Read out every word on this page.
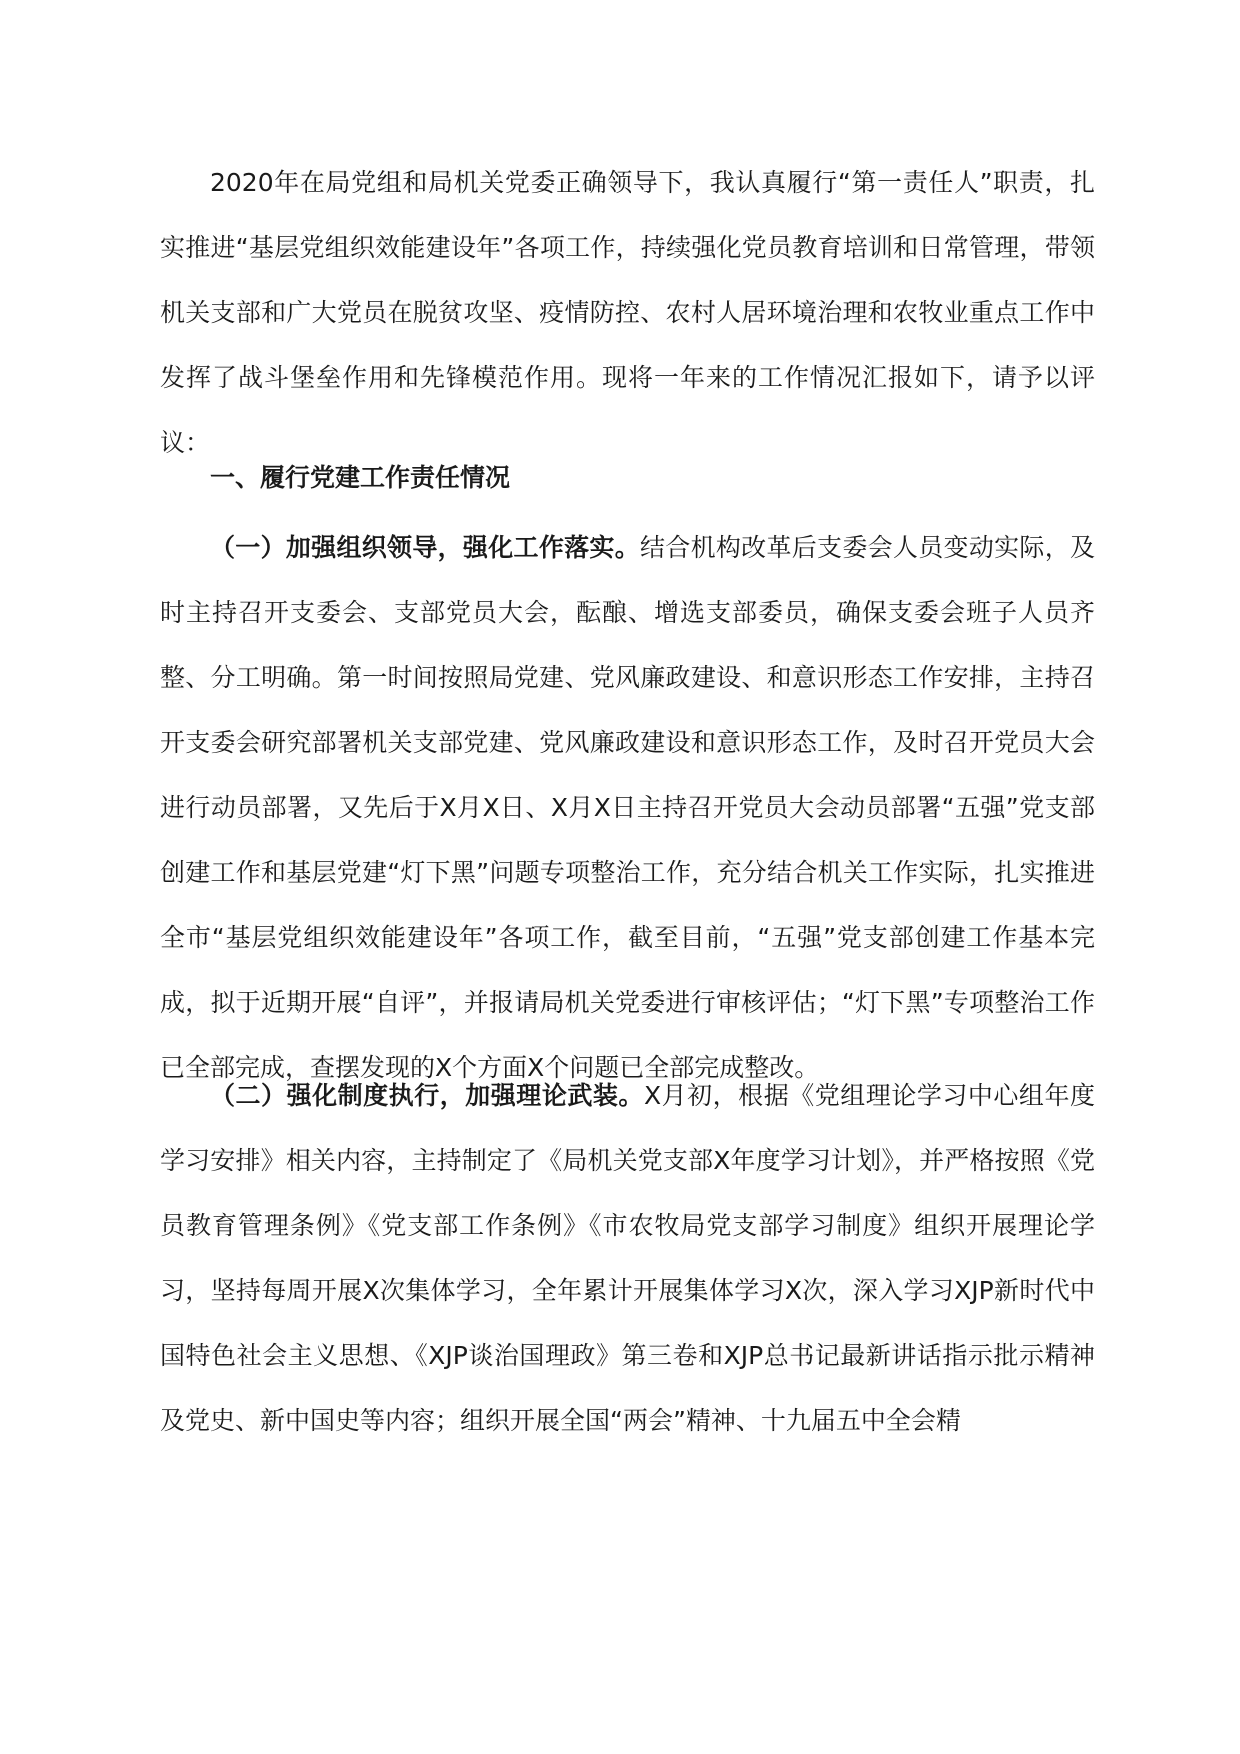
2020年在局党组和局机关党委正确领导下，我认真履行“第一责任人”职责，扎实推进“基层党组织效能建设年”各项工作，持续强化党员教育培训和日常管理，带领机关支部和广大党员在脱贫攻坚、疫情防控、农村人居环境治理和农牧业重点工作中发挥了战斗堡垒作用和先锋模范作用。现将一年来的工作情况汇报如下，请予以评议：

一、履行党建工作责任情况

（一）加强组织领导，强化工作落实。结合机构改革后支委会人员变动实际，及时主持召开支委会、支部党员大会，酝酿、增选支部委员，确保支委会班子人员齐整、分工明确。第一时间按照局党建、党风廉政建设、和意识形态工作安排，主持召开支委会研究部署机关支部党建、党风廉政建设和意识形态工作，及时召开党员大会进行动员部署，又先后于X月X日、X月X日主持召开党员大会动员部署“五强”党支部创建工作和基层党建“灯下黑”问题专项整治工作，充分结合机关工作实际，扎实推进全市“基层党组织效能建设年”各项工作，截至目前，“五强”党支部创建工作基本完成，拟于近期开展“自评”，并报请局机关党委进行审核评估；“灯下黑”专项整治工作已全部完成，查摆发现的X个方面X个问题已全部完成整改。

（二）强化制度执行，加强理论武装。X月初，根据《党组理论学习中心组年度学习安排》相关内容，主持制定了《局机关党支部X年度学习计划》，并严格按照《党员教育管理条例》《党支部工作条例》《市农牧局党支部学习制度》组织开展理论学习，坚持每周开展X次集体学习，全年累计开展集体学习X次，深入学习XJP新时代中国特色社会主义思想、《XJP谈治国理政》第三卷和XJP总书记最新讲话指示批示精神及党史、新中国史等内容；组织开展全国“两会”精神、十九届五中全会精
